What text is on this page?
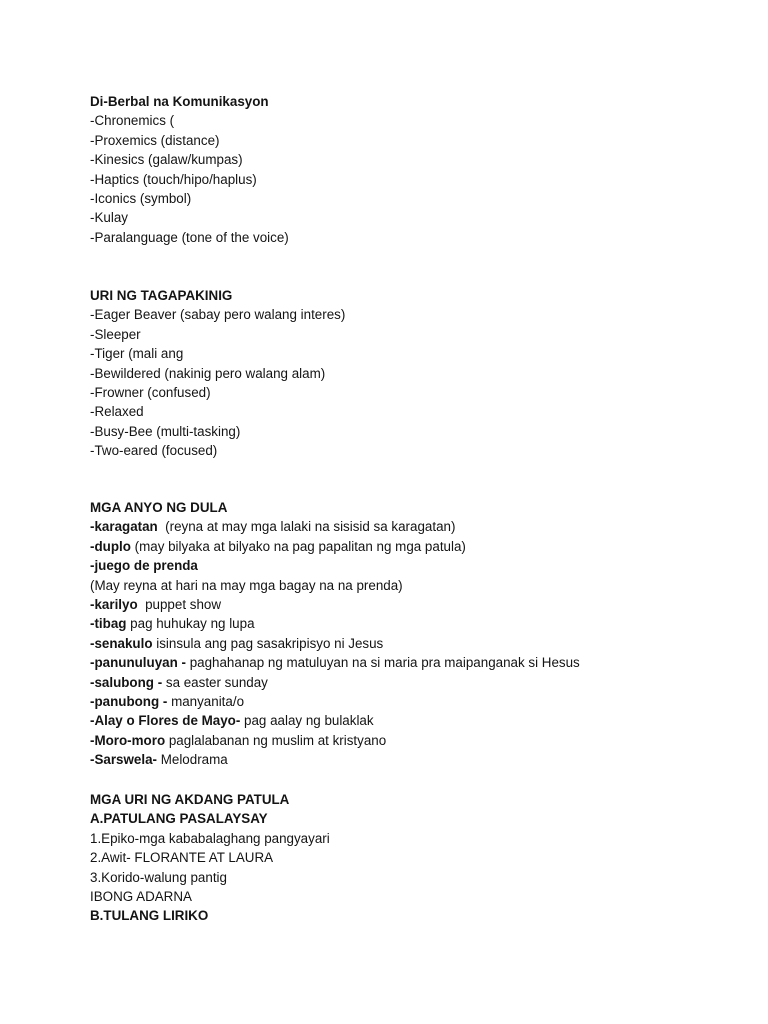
Di-Berbal na Komunikasyon
-Chronemics (
-Proxemics (distance)
-Kinesics (galaw/kumpas)
-Haptics (touch/hipo/haplus)
-Iconics (symbol)
-Kulay
-Paralanguage (tone of the voice)
URI NG TAGAPAKINIG
-Eager Beaver (sabay pero walang interes)
-Sleeper
-Tiger (mali ang
-Bewildered (nakinig pero walang alam)
-Frowner (confused)
-Relaxed
-Busy-Bee (multi-tasking)
-Two-eared (focused)
MGA ANYO NG DULA
-karagatan  (reyna at may mga lalaki na sisisid sa karagatan)
-duplo (may bilyaka at bilyako na pag papalitan ng mga patula)
-juego de prenda
(May reyna at hari na may mga bagay na na prenda)
-karilyo  puppet show
-tibag pag huhukay ng lupa
-senakulo isinsula ang pag sasakripisyo ni Jesus
-panunuluyan - paghahanap ng matuluyan na si maria pra maipanganak si Hesus
-salubong - sa easter sunday
-panubong - manyanita/o
-Alay o Flores de Mayo- pag aalay ng bulaklak
-Moro-moro paglalabanan ng muslim at kristyano
-Sarswela- Melodrama
MGA URI NG AKDANG PATULA
A.PATULANG PASALAYSAY
1.Epiko-mga kababalaghang pangyayari
2.Awit- FLORANTE AT LAURA
3.Korido-walung pantig
IBONG ADARNA
B.TULANG LIRIKO
